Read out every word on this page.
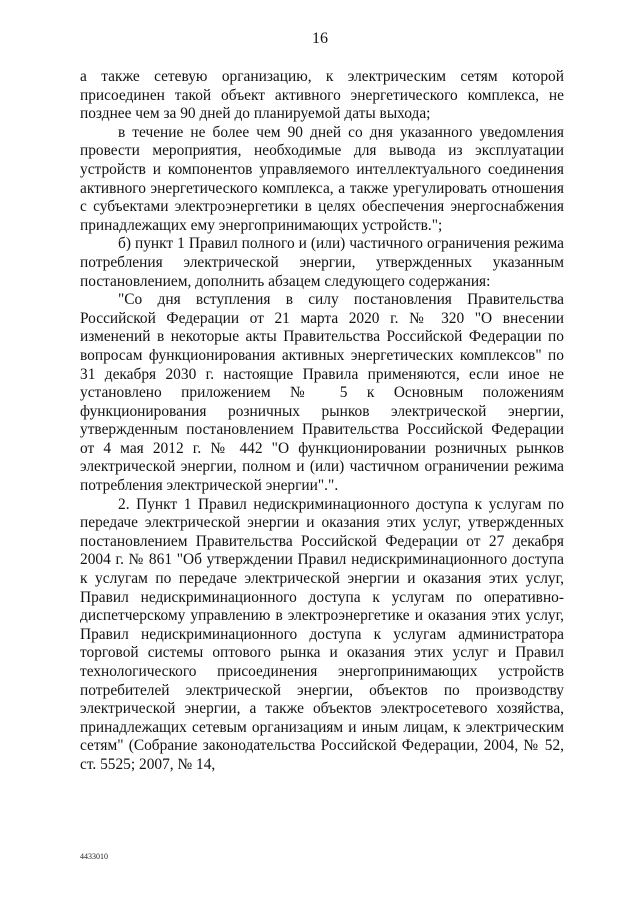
16

а также сетевую организацию, к электрическим сетям которой присоединен такой объект активного энергетического комплекса, не позднее чем за 90 дней до планируемой даты выхода;

в течение не более чем 90 дней со дня указанного уведомления провести мероприятия, необходимые для вывода из эксплуатации устройств и компонентов управляемого интеллектуального соединения активного энергетического комплекса, а также урегулировать отношения с субъектами электроэнергетики в целях обеспечения энергоснабжения принадлежащих ему энергопринимающих устройств.";

б) пункт 1 Правил полного и (или) частичного ограничения режима потребления электрической энергии, утвержденных указанным постановлением, дополнить абзацем следующего содержания:

"Со дня вступления в силу постановления Правительства Российской Федерации от 21 марта 2020 г. № 320 "О внесении изменений в некоторые акты Правительства Российской Федерации по вопросам функционирования активных энергетических комплексов" по 31 декабря 2030 г. настоящие Правила применяются, если иное не установлено приложением № 5 к Основным положениям функционирования розничных рынков электрической энергии, утвержденным постановлением Правительства Российской Федерации от 4 мая 2012 г. № 442 "О функционировании розничных рынков электрической энергии, полном и (или) частичном ограничении режима потребления электрической энергии".".

2. Пункт 1 Правил недискриминационного доступа к услугам по передаче электрической энергии и оказания этих услуг, утвержденных постановлением Правительства Российской Федерации от 27 декабря 2004 г. № 861 "Об утверждении Правил недискриминационного доступа к услугам по передаче электрической энергии и оказания этих услуг, Правил недискриминационного доступа к услугам по оперативно-диспетчерскому управлению в электроэнергетике и оказания этих услуг, Правил недискриминационного доступа к услугам администратора торговой системы оптового рынка и оказания этих услуг и Правил технологического присоединения энергопринимающих устройств потребителей электрической энергии, объектов по производству электрической энергии, а также объектов электросетевого хозяйства, принадлежащих сетевым организациям и иным лицам, к электрическим сетям" (Собрание законодательства Российской Федерации, 2004, № 52, ст. 5525; 2007, № 14,

4433010
